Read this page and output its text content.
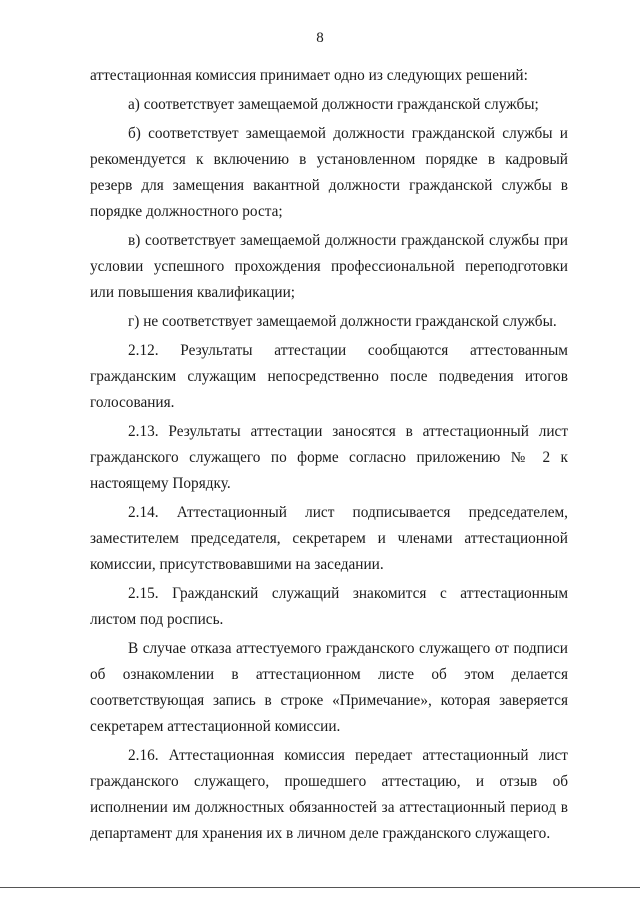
8

аттестационная комиссия принимает одно из следующих решений:

а) соответствует замещаемой должности гражданской службы;

б) соответствует замещаемой должности гражданской службы и рекомендуется к включению в установленном порядке в кадровый резерв для замещения вакантной должности гражданской службы в порядке должностного роста;

в) соответствует замещаемой должности гражданской службы при условии успешного прохождения профессиональной переподготовки или повышения квалификации;

г) не соответствует замещаемой должности гражданской службы.

2.12. Результаты аттестации сообщаются аттестованным гражданским служащим непосредственно после подведения итогов голосования.

2.13. Результаты аттестации заносятся в аттестационный лист гражданского служащего по форме согласно приложению № 2 к настоящему Порядку.

2.14. Аттестационный лист подписывается председателем, заместителем председателя, секретарем и членами аттестационной комиссии, присутствовавшими на заседании.

2.15. Гражданский служащий знакомится с аттестационным листом под роспись.

В случае отказа аттестуемого гражданского служащего от подписи об ознакомлении в аттестационном листе об этом делается соответствующая запись в строке «Примечание», которая заверяется секретарем аттестационной комиссии.

2.16. Аттестационная комиссия передает аттестационный лист гражданского служащего, прошедшего аттестацию, и отзыв об исполнении им должностных обязанностей за аттестационный период в департамент для хранения их в личном деле гражданского служащего.
